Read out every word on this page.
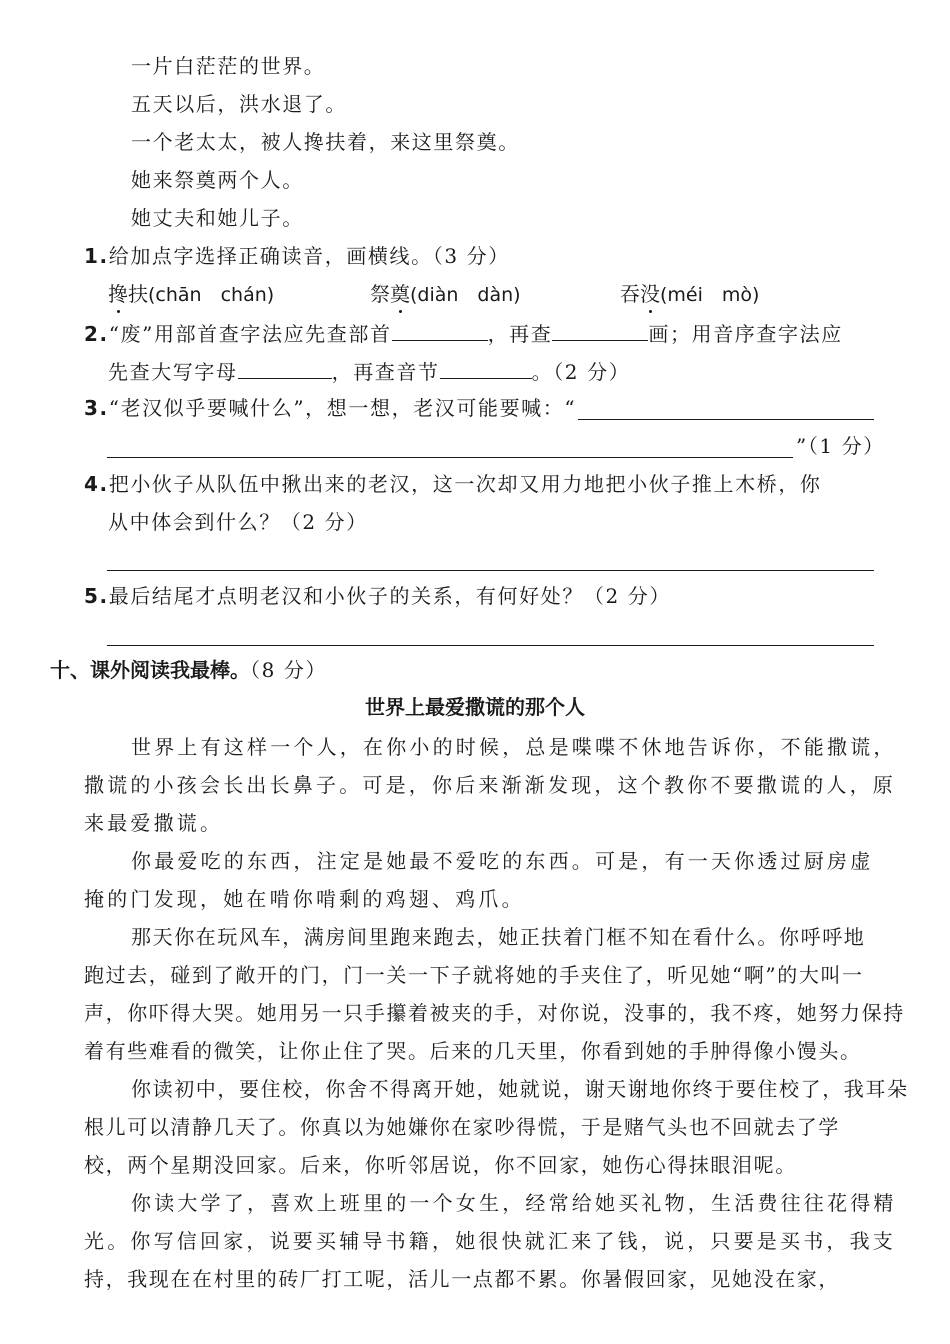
一片白茫茫的世界。
五天以后，洪水退了。
一个老太太，被人搀扶着，来这里祭奠。
她来祭奠两个人。
她丈夫和她儿子。
1.给加点字选择正确读音，画横线。（3 分）
搀扶(chān　chán)	祭奠(diàn　dàn)	吞没(méi　mò)
2.“废”用部首查字法应先查部首	，再查	画；用音序查字法应
先查大写字母	，再查音节	。（2 分）
3.“老汉似乎要喊什么”，想一想，老汉可能要喊：“
”（1 分）
4.把小伙子从队伍中揪出来的老汉，这一次却又用力地把小伙子推上木桥，你
从中体会到什么？（2 分）
5.最后结尾才点明老汉和小伙子的关系，有何好处？（2 分）
十、课外阅读我最棒。（8 分）
世界上最爱撒谎的那个人
世界上有这样一个人，在你小的时候，总是喋喋不休地告诉你，不能撒谎，
撒谎的小孩会长出长鼻子。可是，你后来渐渐发现，这个教你不要撒谎的人，原
来最爱撒谎。
你最爱吃的东西，注定是她最不爱吃的东西。可是，有一天你透过厨房虚
掩的门发现，她在啃你啃剩的鸡翅、鸡爪。
那天你在玩风车，满房间里跑来跑去，她正扶着门框不知在看什么。你呼呼地
跑过去，碰到了敞开的门，门一关一下子就将她的手夹住了，听见她“啊”的大叫一
声，你吓得大哭。她用另一只手攥着被夹的手，对你说，没事的，我不疼，她努力保持
着有些难看的微笑，让你止住了哭。后来的几天里，你看到她的手肿得像小馒头。
你读初中，要住校，你舍不得离开她，她就说，谢天谢地你终于要住校了，我耳朵
根儿可以清静几天了。你真以为她嫌你在家吵得慌，于是赌气头也不回就去了学
校，两个星期没回家。后来，你听邻居说，你不回家，她伤心得抹眼泪呢。
你读大学了，喜欢上班里的一个女生，经常给她买礼物，生活费往往花得精
光。你写信回家，说要买辅导书籍，她很快就汇来了钱，说，只要是买书，我支
持，我现在在村里的砖厂打工呢，活儿一点都不累。你暑假回家，见她没在家，
